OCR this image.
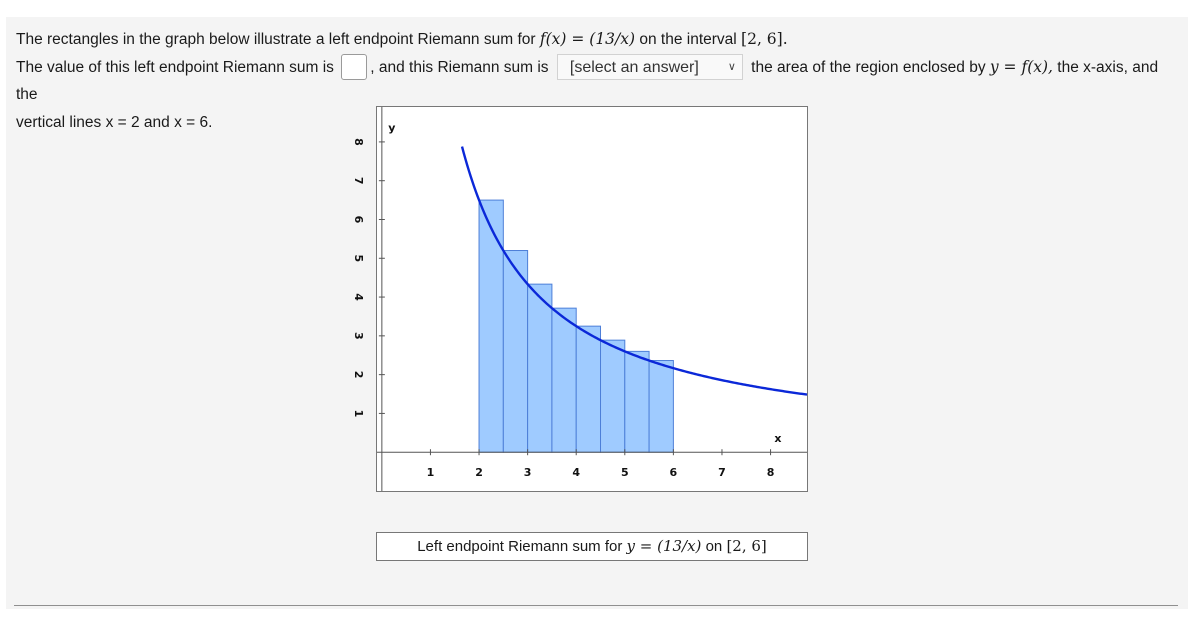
The rectangles in the graph below illustrate a left endpoint Riemann sum for f(x) = (13/x) on the interval [2, 6].
The value of this left endpoint Riemann sum is , and this Riemann sum is [select an answer]	∨ the area of the region enclosed by y = f(x), the x-axis, and the
vertical lines x = 2 and x = 6.
1	2	3	4	5	6	7	8
1
2
3
4
5
6
7
8
x
y
Left endpoint Riemann sum for y = (13/x) on [2, 6]
